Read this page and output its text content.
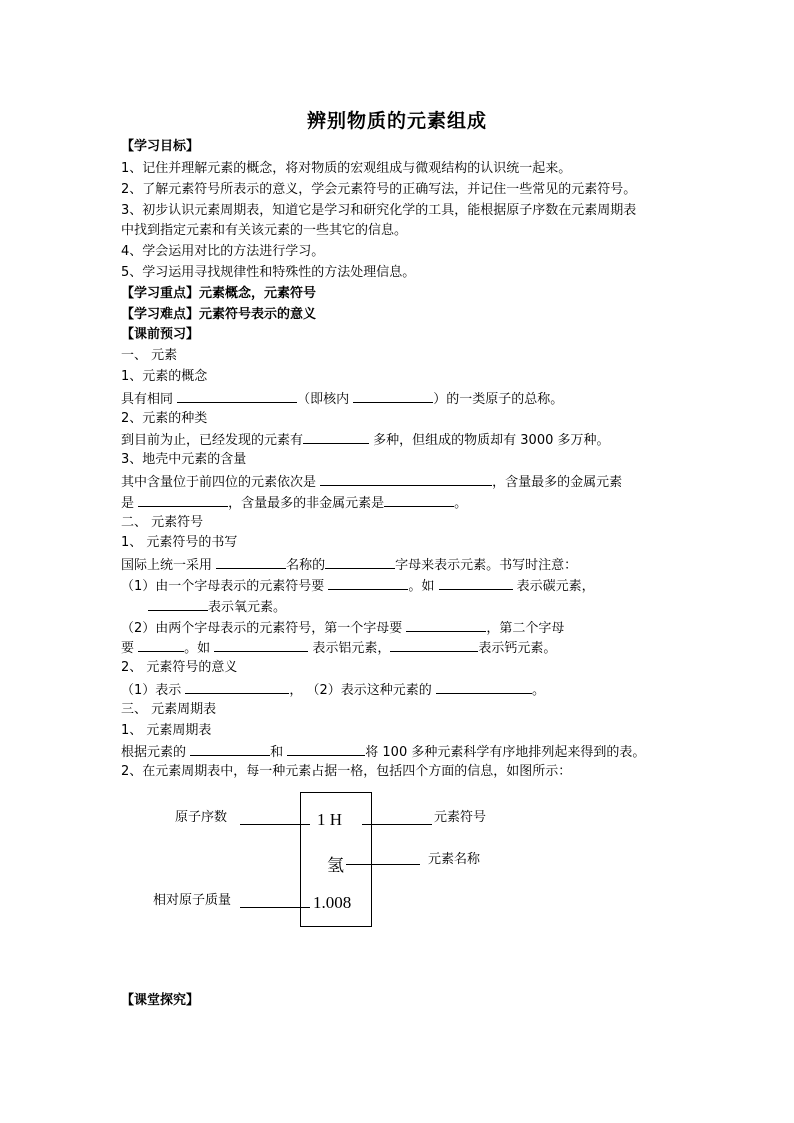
辨别物质的元素组成
【学习目标】
1、记住并理解元素的概念，将对物质的宏观组成与微观结构的认识统一起来。
2、了解元素符号所表示的意义，学会元素符号的正确写法，并记住一些常见的元素符号。
3、初步认识元素周期表，知道它是学习和研究化学的工具，能根据原子序数在元素周期表
中找到指定元素和有关该元素的一些其它的信息。
4、学会运用对比的方法进行学习。
5、学习运用寻找规律性和特殊性的方法处理信息。
【学习重点】元素概念，元素符号
【学习难点】元素符号表示的意义
【课前预习】
一、 元素
1、元素的概念
具有相同	（即核内	）的一类原子的总称。
2、元素的种类
到目前为止，已经发现的元素有	多种，但组成的物质却有 3000 多万种。
3、地壳中元素的含量
其中含量位于前四位的元素依次是	，含量最多的金属元素
是	，含量最多的非金属元素是	。
二、 元素符号
1、 元素符号的书写
国际上统一采用	名称的	字母来表示元素。书写时注意：
（1）由一个字母表示的元素符号要	。如	表示碳元素，
表示氧元素。
（2）由两个字母表示的元素符号，第一个字母要	，第二个字母
要	。如	表示铝元素，	表示钙元素。
2、 元素符号的意义
（1）表示	， （2）表示这种元素的	。
三、 元素周期表
1、 元素周期表
根据元素的	和	将 100 多种元素科学有序地排列起来得到的表。
2、在元素周期表中，每一种元素占据一格，包括四个方面的信息，如图所示：
1 H
氢
1.008
原子序数	元素符号
元素名称
相对原子质量
【课堂探究】
